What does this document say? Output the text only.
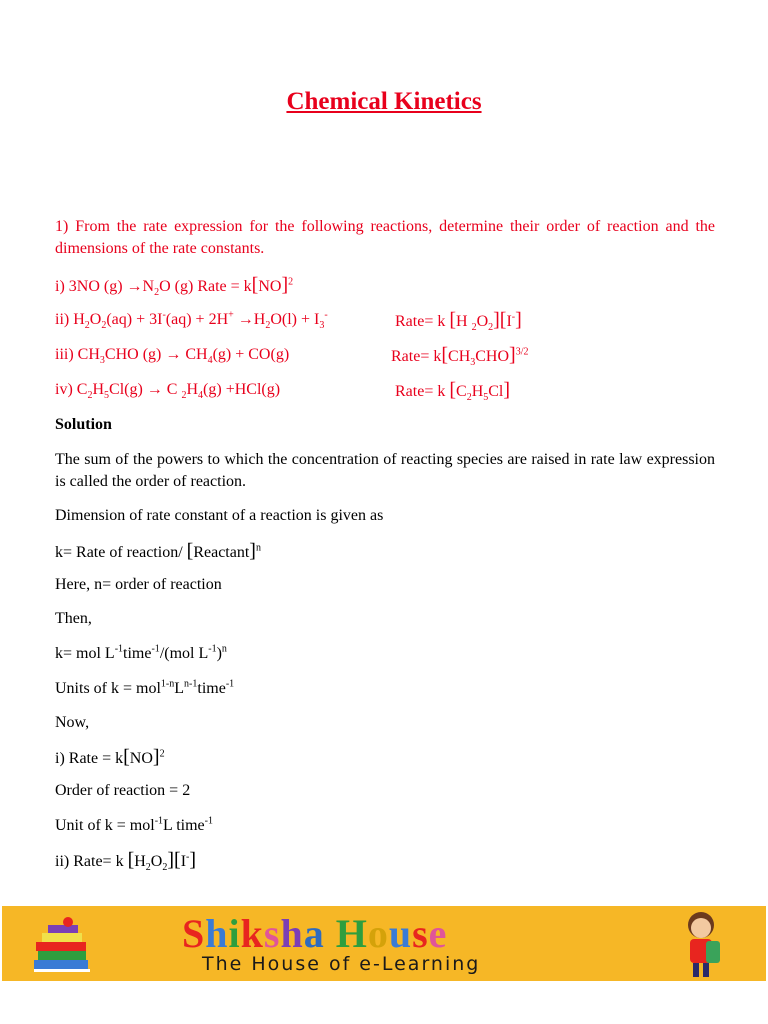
Chemical Kinetics
1) From the rate expression for the following reactions, determine their order of reaction and the dimensions of the rate constants.
i) 3NO $(g) \to N_2O$ (g) Rate = k[NO]$^2$
ii) $H_2O_2(aq) + 3I^-(aq) + 2H^+ \to H_2O(l) + I_3^-$	Rate= k [H $_2O_2][I^-]$
iii) $CH_3CHO$ $(g) \to CH_4(g) + CO(g)$	Rate= $k[CH_3CHO]^{3/2}$
iv) $C_2H_5Cl(g) \to C$ $_2H_4(g) +HCl(g)$	Rate= k $[C_2H_5Cl]$
Solution
The sum of the powers to which the concentration of reacting species are raised in rate law expression is called the order of reaction.
Dimension of rate constant of a reaction is given as
k= Rate of reaction/ [Reactant]$^n$
Here, n= order of reaction
Then,
k= mol $L^{-1}time^{-1}/(mol$ $L^{-1})^n$
Units of $k = mol^{1-n}L^{n-1}time^{-1}$
Now,
i) Rate = k[NO]$^2$
Order of reaction = 2
Unit of k = mol$^{-1}$L time$^{-1}$
ii) Rate= k $[H_2O_2][I^-]$
Shiksha House
The House of e-Learning
